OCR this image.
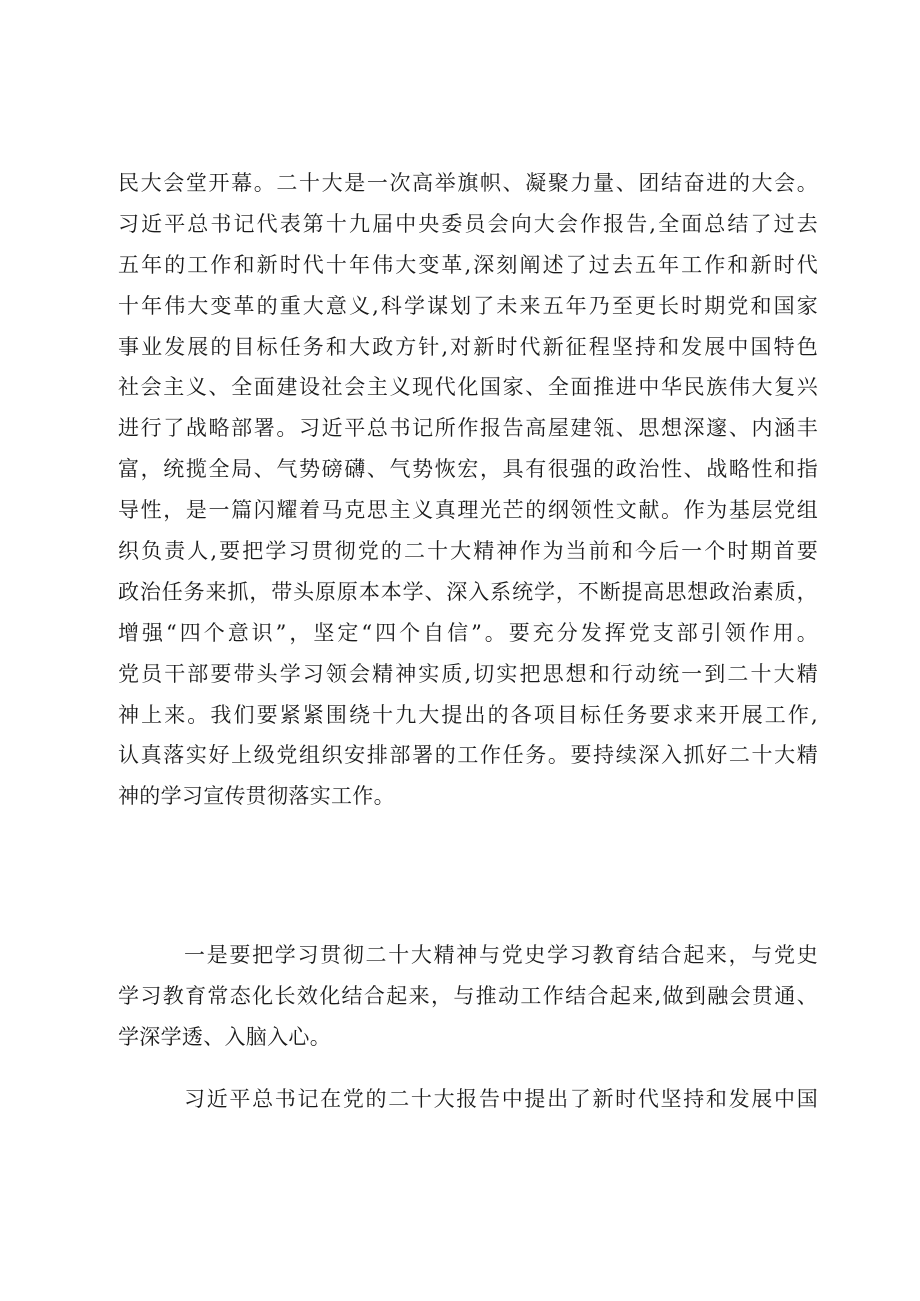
民大会堂开幕。二十大是一次高举旗帜、凝聚力量、团结奋进的大会。
习近平总书记代表第十九届中央委员会向大会作报告,全面总结了过去
五年的工作和新时代十年伟大变革,深刻阐述了过去五年工作和新时代
十年伟大变革的重大意义,科学谋划了未来五年乃至更长时期党和国家
事业发展的目标任务和大政方针,对新时代新征程坚持和发展中国特色
社会主义、全面建设社会主义现代化国家、全面推进中华民族伟大复兴
进行了战略部署。习近平总书记所作报告高屋建瓴、思想深邃、内涵丰
富，统揽全局、气势磅礴、气势恢宏，具有很强的政治性、战略性和指
导性，是一篇闪耀着马克思主义真理光芒的纲领性文献。作为基层党组
织负责人,要把学习贯彻党的二十大精神作为当前和今后一个时期首要
政治任务来抓，带头原原本本学、深入系统学，不断提高思想政治素质，
增强“四个意识”，坚定“四个自信”。要充分发挥党支部引领作用。
党员干部要带头学习领会精神实质,切实把思想和行动统一到二十大精
神上来。我们要紧紧围绕十九大提出的各项目标任务要求来开展工作,
认真落实好上级党组织安排部署的工作任务。要持续深入抓好二十大精
神的学习宣传贯彻落实工作。
一是要把学习贯彻二十大精神与党史学习教育结合起来，与党史
学习教育常态化长效化结合起来，与推动工作结合起来,做到融会贯通、
学深学透、入脑入心。
习近平总书记在党的二十大报告中提出了新时代坚持和发展中国
